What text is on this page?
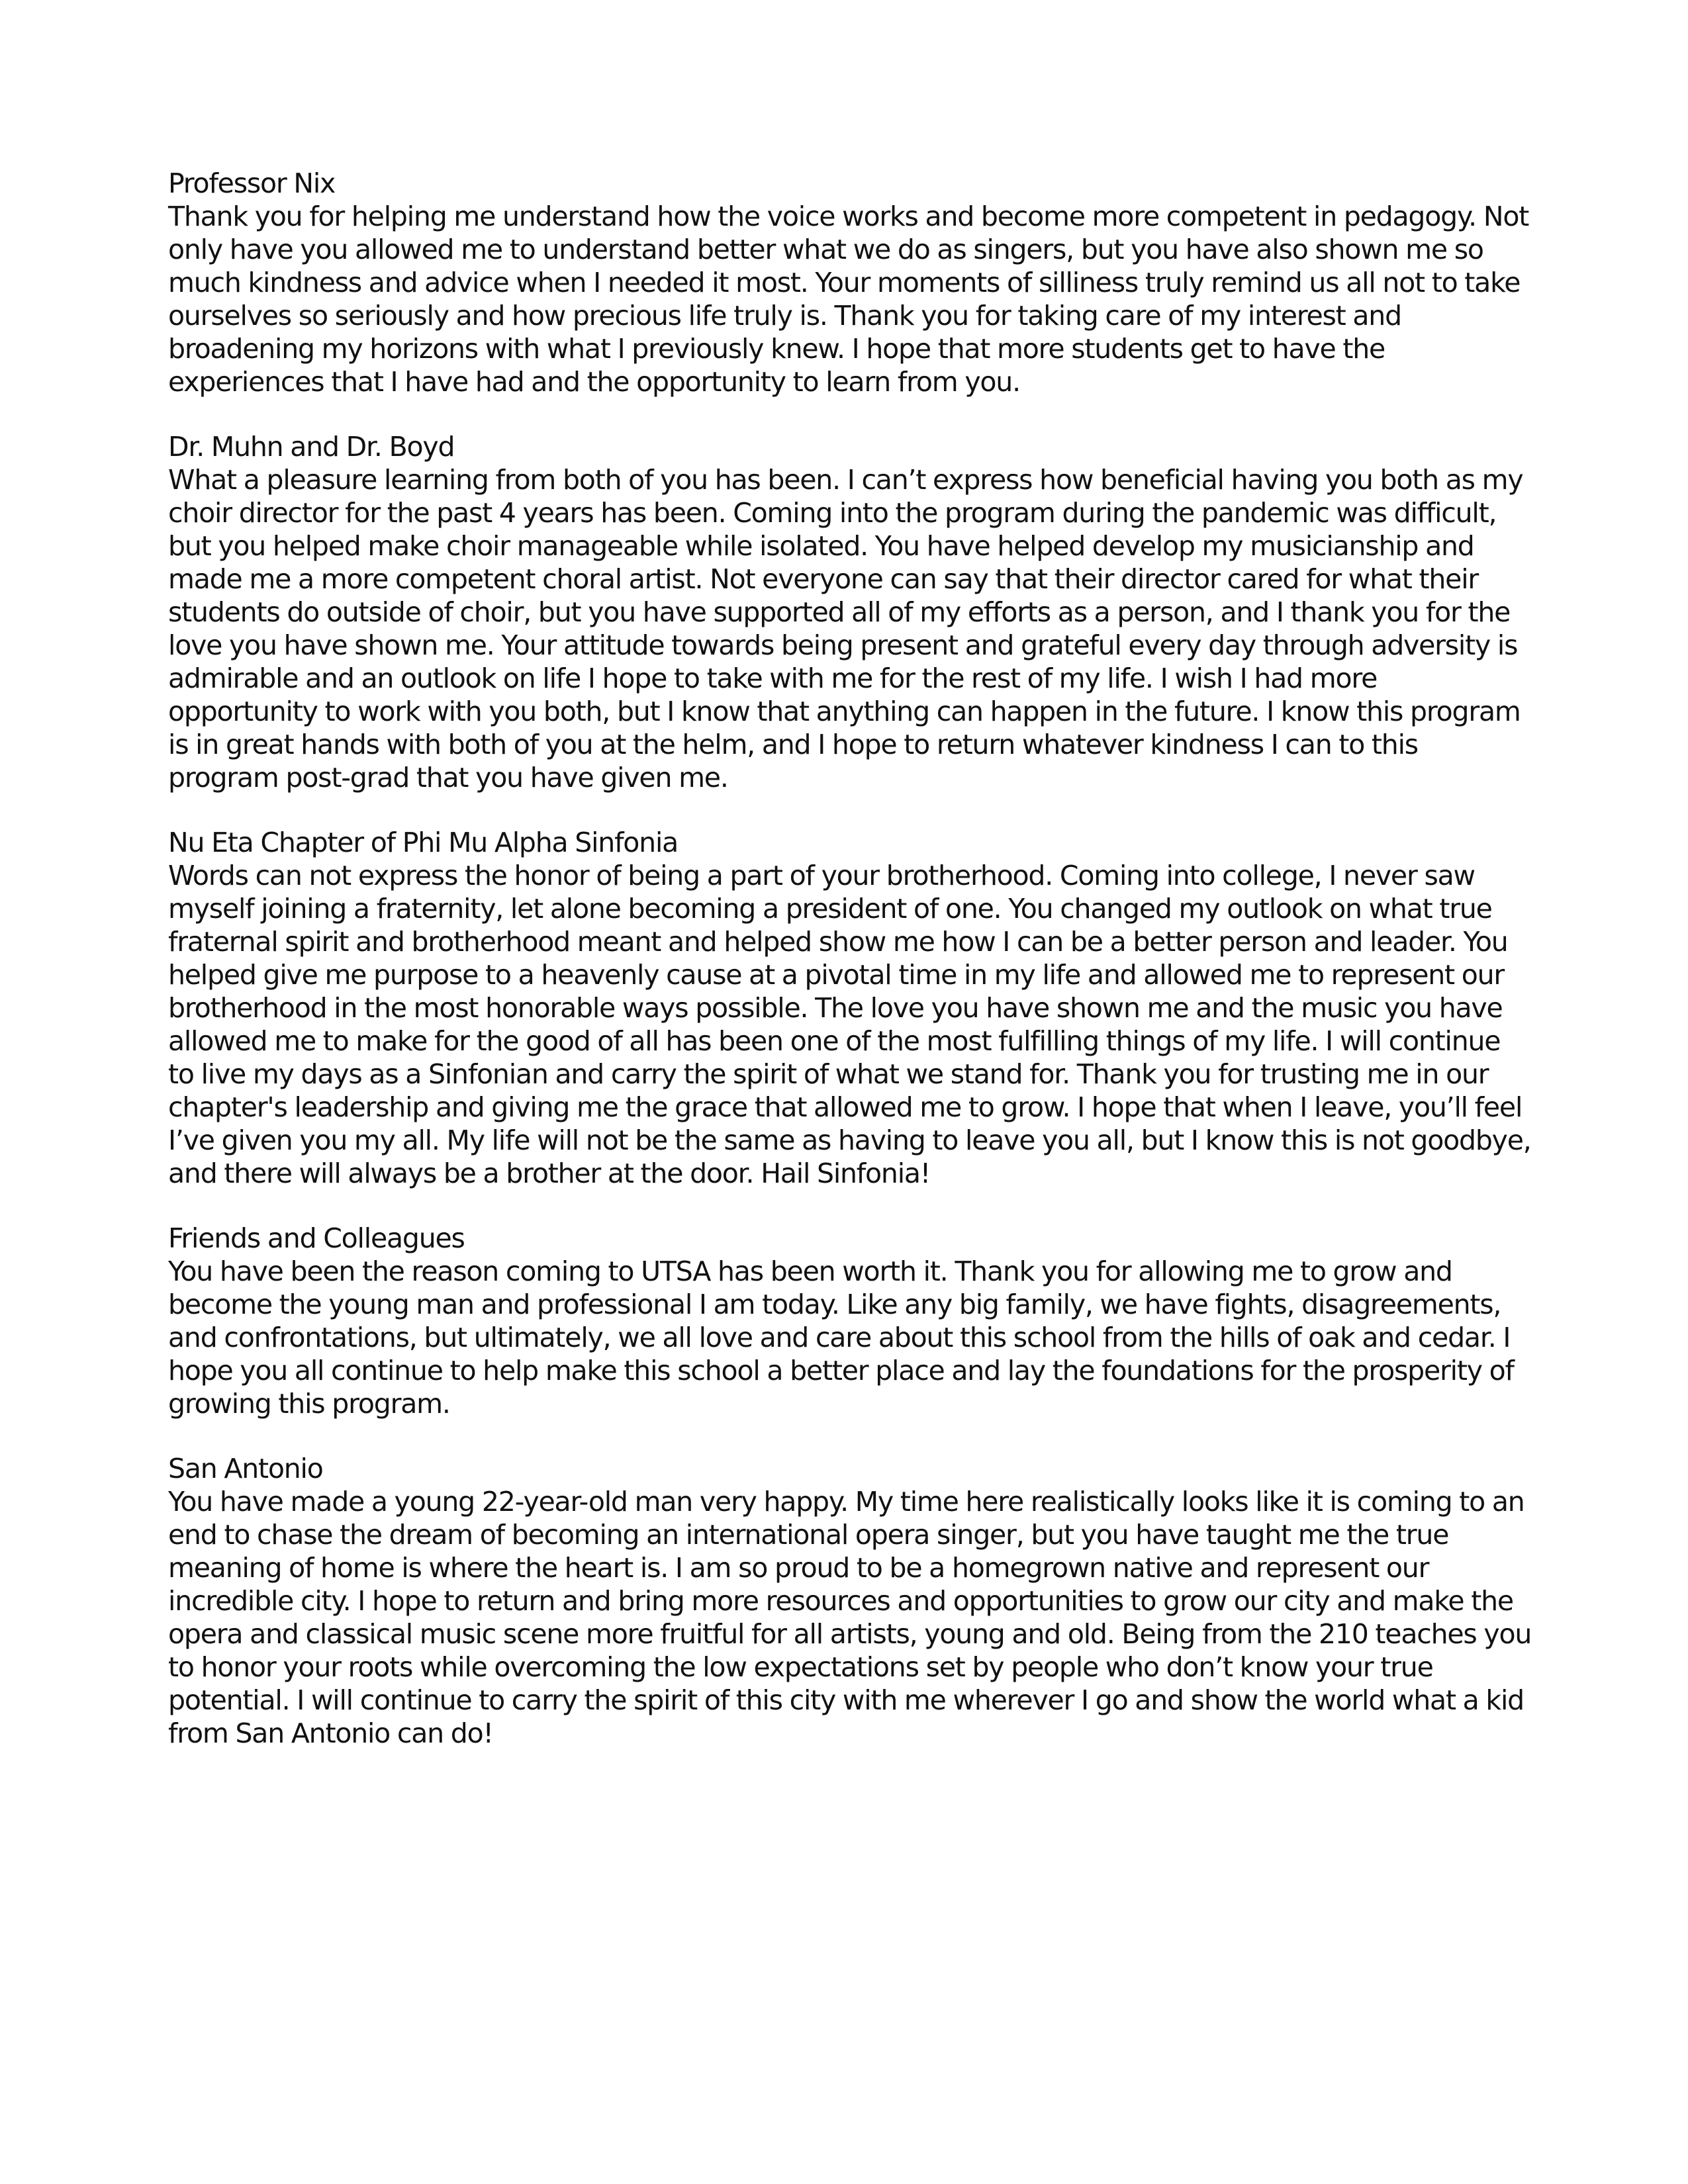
Professor Nix
Thank you for helping me understand how the voice works and become more competent in pedagogy. Not only have you allowed me to understand better what we do as singers, but you have also shown me so much kindness and advice when I needed it most. Your moments of silliness truly remind us all not to take ourselves so seriously and how precious life truly is. Thank you for taking care of my interest and broadening my horizons with what I previously knew. I hope that more students get to have the experiences that I have had and the opportunity to learn from you.
Dr. Muhn and Dr. Boyd
What a pleasure learning from both of you has been. I can’t express how beneficial having you both as my choir director for the past 4 years has been. Coming into the program during the pandemic was difficult, but you helped make choir manageable while isolated. You have helped develop my musicianship and made me a more competent choral artist. Not everyone can say that their director cared for what their students do outside of choir, but you have supported all of my efforts as a person, and I thank you for the love you have shown me. Your attitude towards being present and grateful every day through adversity is admirable and an outlook on life I hope to take with me for the rest of my life. I wish I had more opportunity to work with you both, but I know that anything can happen in the future. I know this program is in great hands with both of you at the helm, and I hope to return whatever kindness I can to this program post-grad that you have given me.
Nu Eta Chapter of Phi Mu Alpha Sinfonia
Words can not express the honor of being a part of your brotherhood. Coming into college, I never saw myself joining a fraternity, let alone becoming a president of one. You changed my outlook on what true fraternal spirit and brotherhood meant and helped show me how I can be a better person and leader. You helped give me purpose to a heavenly cause at a pivotal time in my life and allowed me to represent our brotherhood in the most honorable ways possible. The love you have shown me and the music you have allowed me to make for the good of all has been one of the most fulfilling things of my life. I will continue to live my days as a Sinfonian and carry the spirit of what we stand for. Thank you for trusting me in our chapter's leadership and giving me the grace that allowed me to grow. I hope that when I leave, you’ll feel I’ve given you my all. My life will not be the same as having to leave you all, but I know this is not goodbye, and there will always be a brother at the door. Hail Sinfonia!
Friends and Colleagues
You have been the reason coming to UTSA has been worth it. Thank you for allowing me to grow and become the young man and professional I am today. Like any big family, we have fights, disagreements, and confrontations, but ultimately, we all love and care about this school from the hills of oak and cedar. I hope you all continue to help make this school a better place and lay the foundations for the prosperity of growing this program.
San Antonio
You have made a young 22-year-old man very happy. My time here realistically looks like it is coming to an end to chase the dream of becoming an international opera singer, but you have taught me the true meaning of home is where the heart is. I am so proud to be a homegrown native and represent our incredible city. I hope to return and bring more resources and opportunities to grow our city and make the opera and classical music scene more fruitful for all artists, young and old. Being from the 210 teaches you to honor your roots while overcoming the low expectations set by people who don’t know your true potential. I will continue to carry the spirit of this city with me wherever I go and show the world what a kid from San Antonio can do!
